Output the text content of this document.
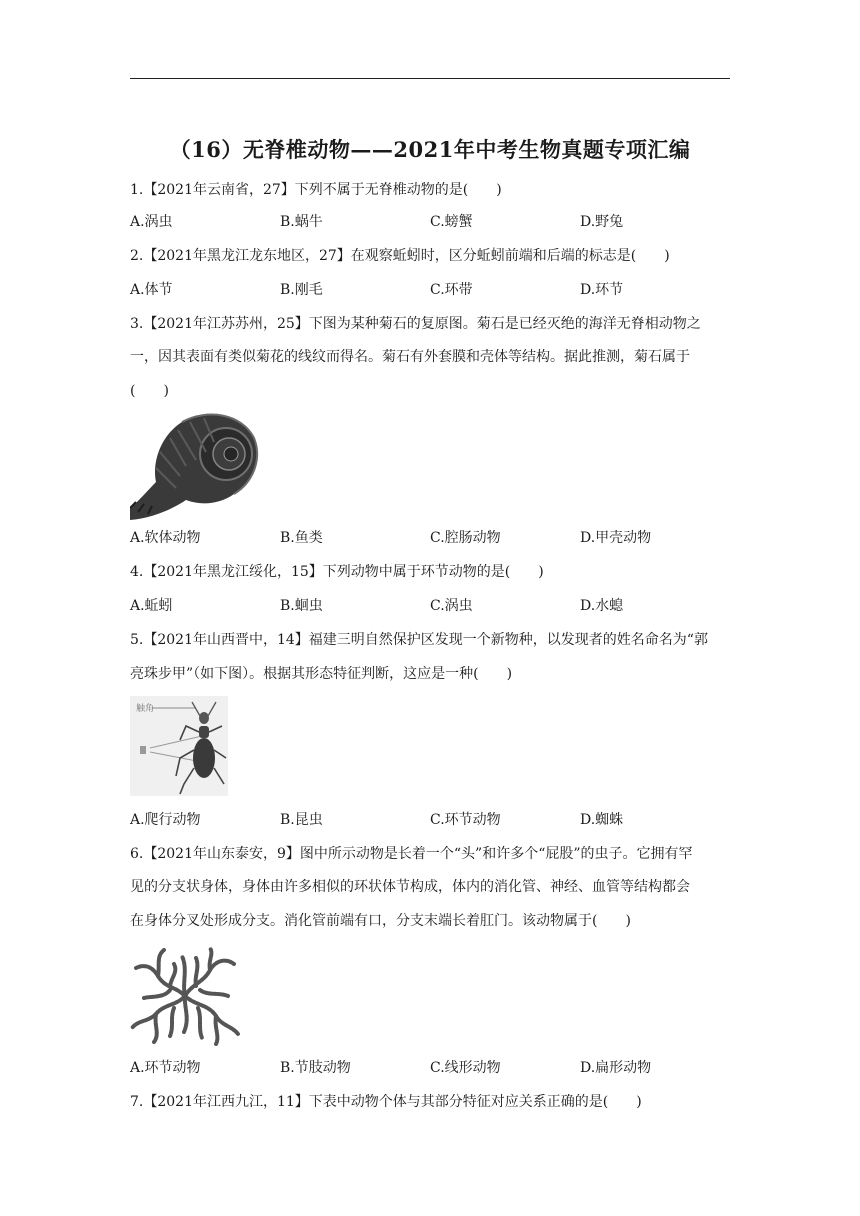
（16）无脊椎动物——2021年中考生物真题专项汇编
1.【2021年云南省，27】下列不属于无脊椎动物的是(　　)
A.涡虫	B.蜗牛	C.螃蟹	D.野兔
2.【2021年黑龙江龙东地区，27】在观察蚯蚓时，区分蚯蚓前端和后端的标志是(　　)
A.体节	B.刚毛	C.环带	D.环节
3.【2021年江苏苏州，25】下图为某种菊石的复原图。菊石是已经灭绝的海洋无脊相动物之
一，因其表面有类似菊花的线纹而得名。菊石有外套膜和壳体等结构。据此推测，菊石属于
(　　)
A.软体动物	B.鱼类	C.腔肠动物	D.甲壳动物
4.【2021年黑龙江绥化，15】下列动物中属于环节动物的是(　　)
A.蚯蚓	B.蛔虫	C.涡虫	D.水螅
5.【2021年山西晋中，14】福建三明自然保护区发现一个新物种，以发现者的姓名命名为“郭
亮珠步甲”（如下图）。根据其形态特征判断，这应是一种(　　)
触角
A.爬行动物	B.昆虫	C.环节动物	D.蜘蛛
6.【2021年山东泰安，9】图中所示动物是长着一个“头”和许多个“屁股”的虫子。它拥有罕
见的分支状身体，身体由许多相似的环状体节构成，体内的消化管、神经、血管等结构都会
在身体分叉处形成分支。消化管前端有口，分支末端长着肛门。该动物属于(　　)
A.环节动物	B.节肢动物	C.线形动物	D.扁形动物
7.【2021年江西九江，11】下表中动物个体与其部分特征对应关系正确的是(　　)
